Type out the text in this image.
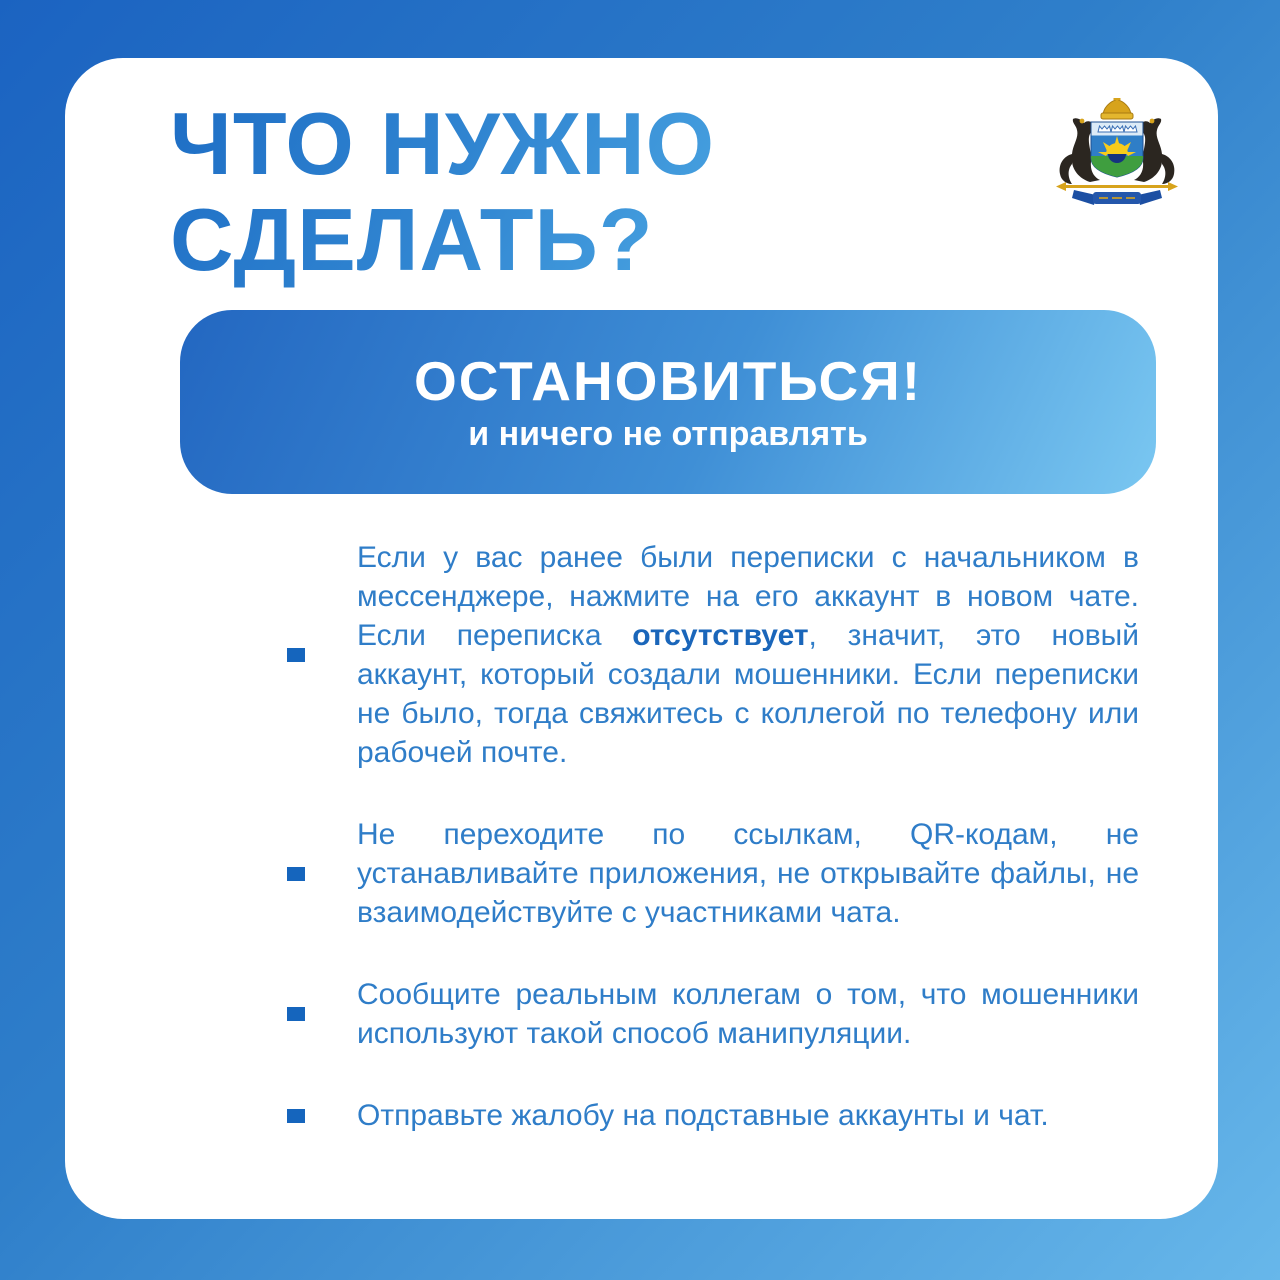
ЧТО НУЖНО
СДЕЛАТЬ?
ОСТАНОВИТЬСЯ!
и ничего не отправлять

Если у вас ранее были переписки с начальником в мессенджере, нажмите на его аккаунт в новом чате. Если переписка отсутствует, значит, это новый аккаунт, который создали мошенники. Если переписки не было, тогда свяжитесь с коллегой по телефону или рабочей почте.

Не переходите по ссылкам, QR-кодам, не устанавливайте приложения, не открывайте файлы, не взаимодействуйте с участниками чата.

Сообщите реальным коллегам о том, что мошенники используют такой способ манипуляции.

Отправьте жалобу на подставные аккаунты и чат.
